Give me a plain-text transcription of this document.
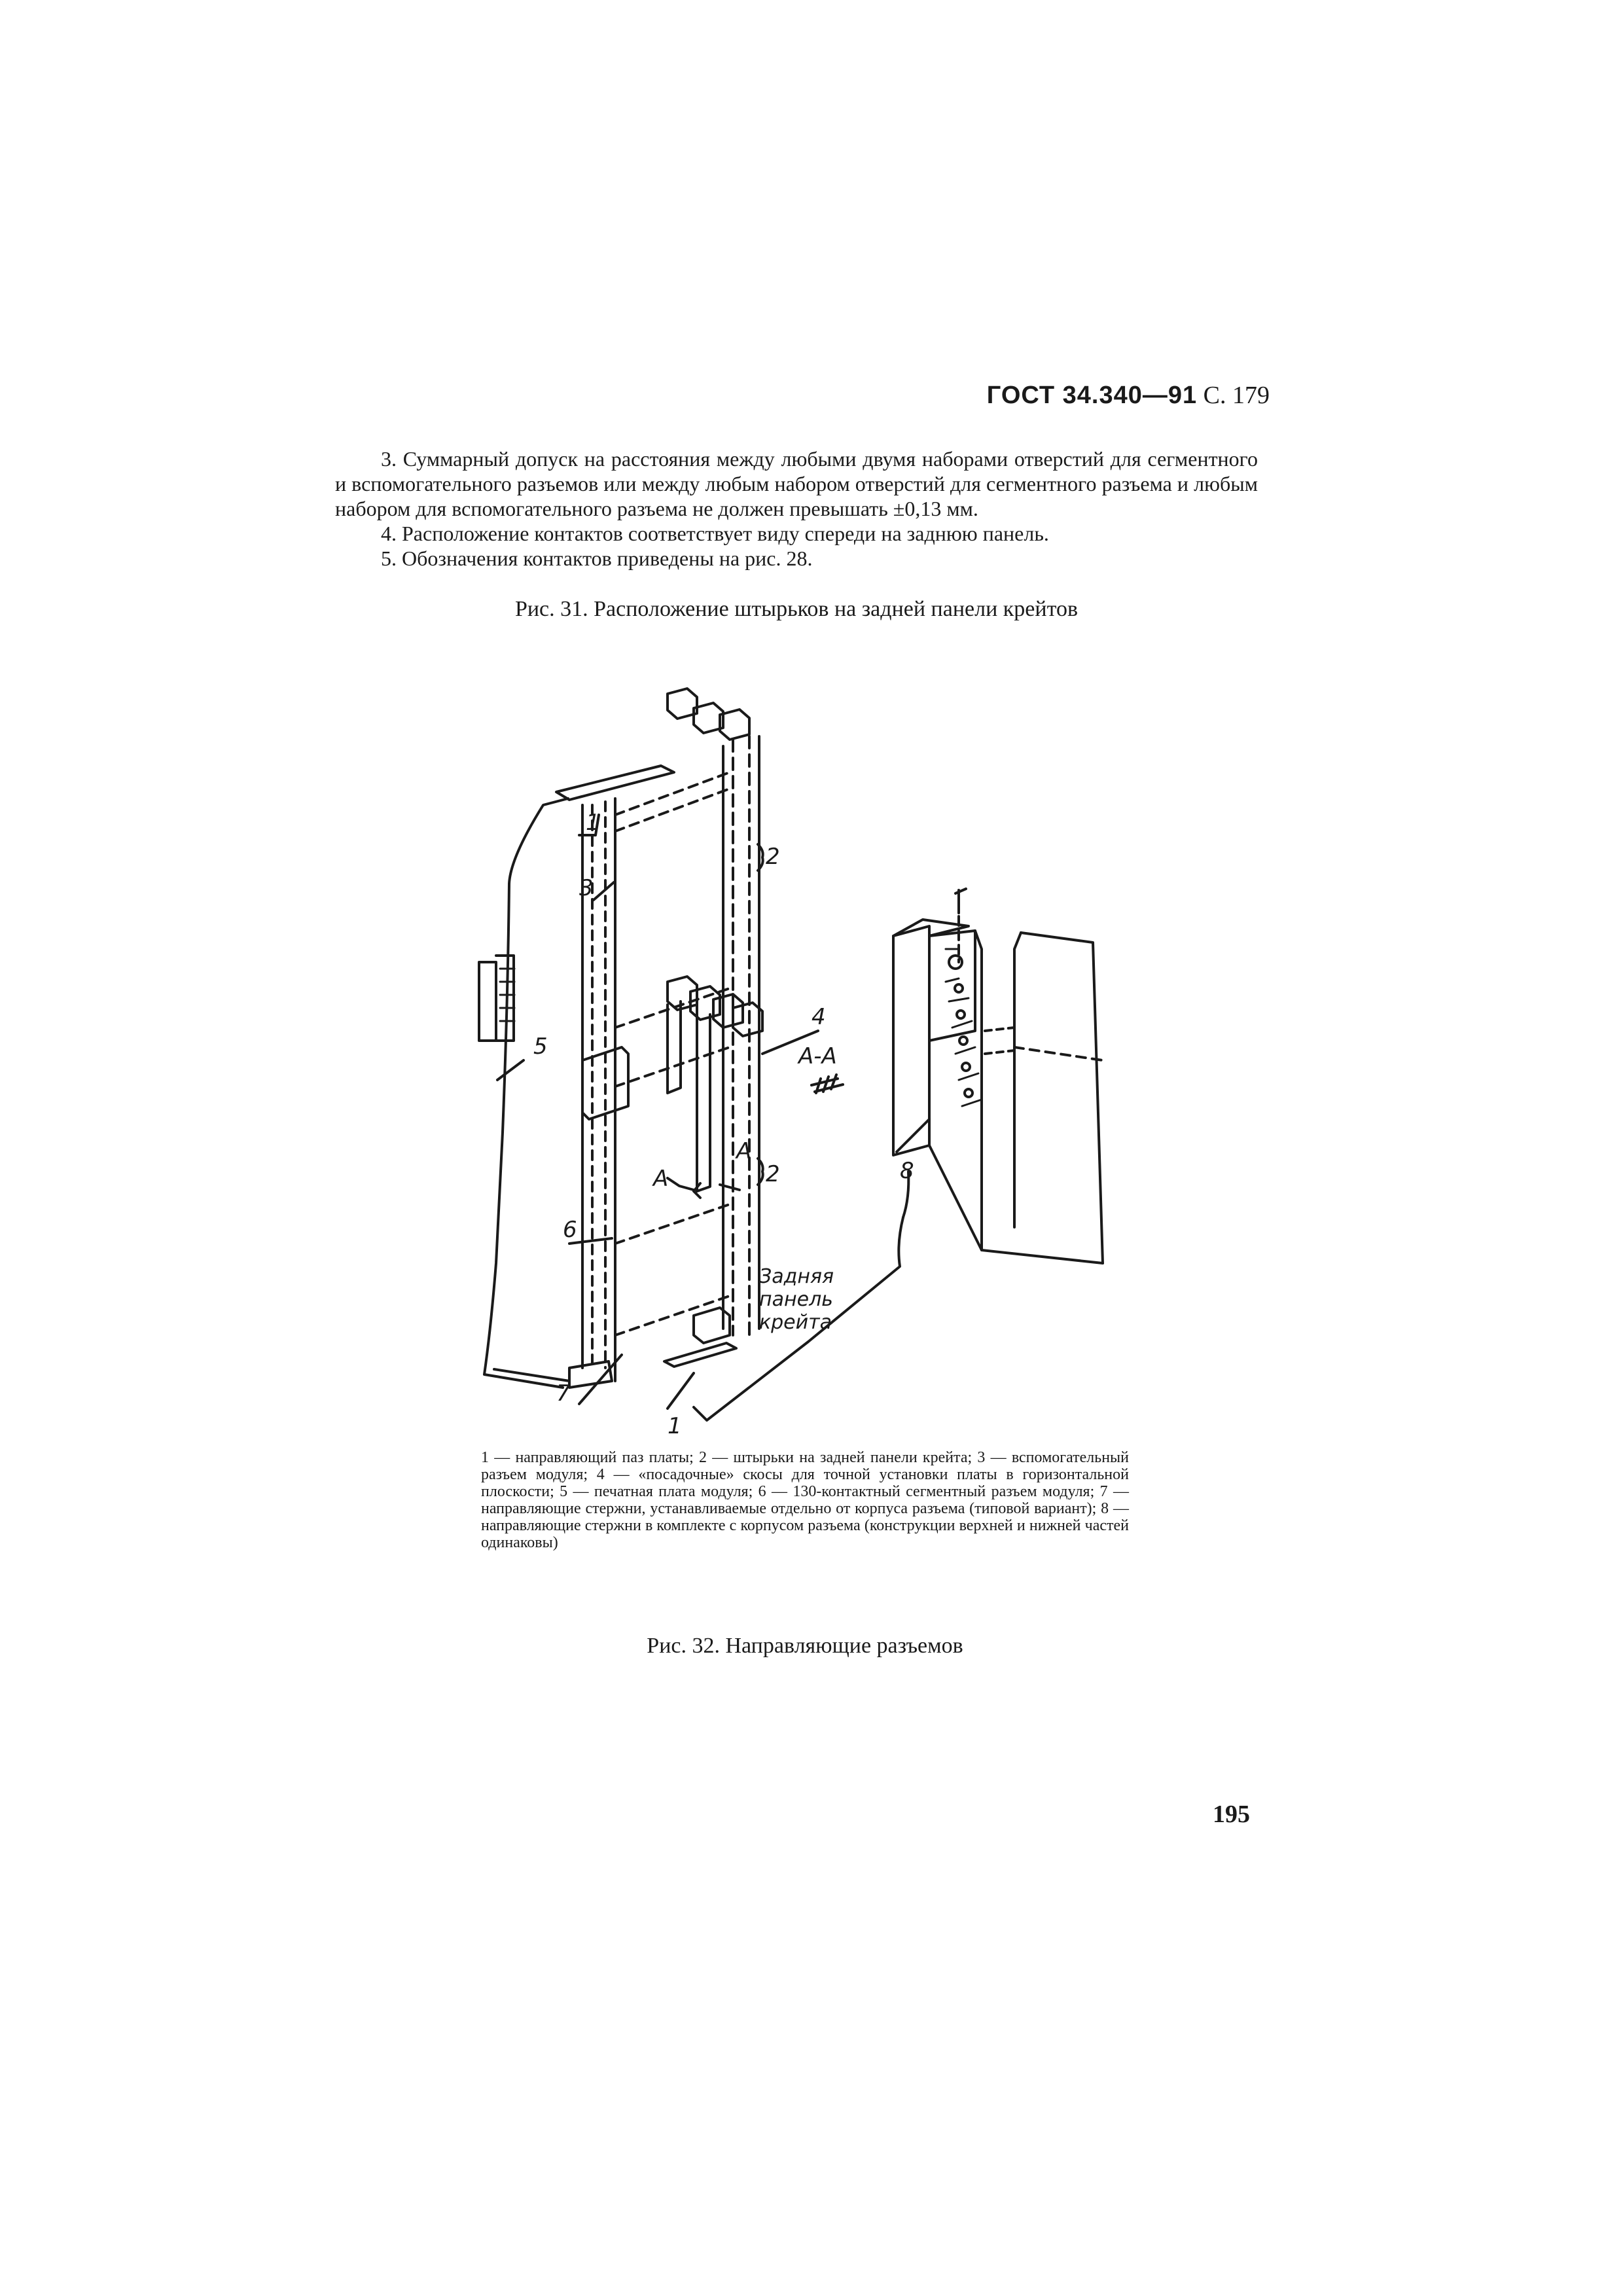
ГОСТ 34.340—91 С. 179

3. Суммарный допуск на расстояния между любыми двумя наборами отверстий для сегментного и вспомогательного разъемов или между любым набором отверстий для сегментного разъема и любым набором для вспомогательного разъема не должен превышать ±0,13 мм.

4. Расположение контактов соответствует виду спереди на заднюю панель.

5. Обозначения контактов приведены на рис. 28.

Рис. 31. Расположение штырьков на задней панели крейтов
1
3
2
4
А-А
5
А
2
А
6
Задняя
панель
крейта
7
1
8
1 — направляющий паз платы; 2 — штырьки на задней панели крейта; 3 — вспомогательный разъем модуля; 4 — «посадочные» скосы для точной установки платы в горизонтальной плоскости; 5 — печатная плата модуля; 6 — 130-контактный сегментный разъем модуля; 7 — направляющие стержни, устанавливаемые отдельно от корпуса разъема (типовой вариант); 8 — направляющие стержни в комплекте с корпусом разъема (конструкции верхней и нижней частей одинаковы)
Рис. 32. Направляющие разъемов
195
